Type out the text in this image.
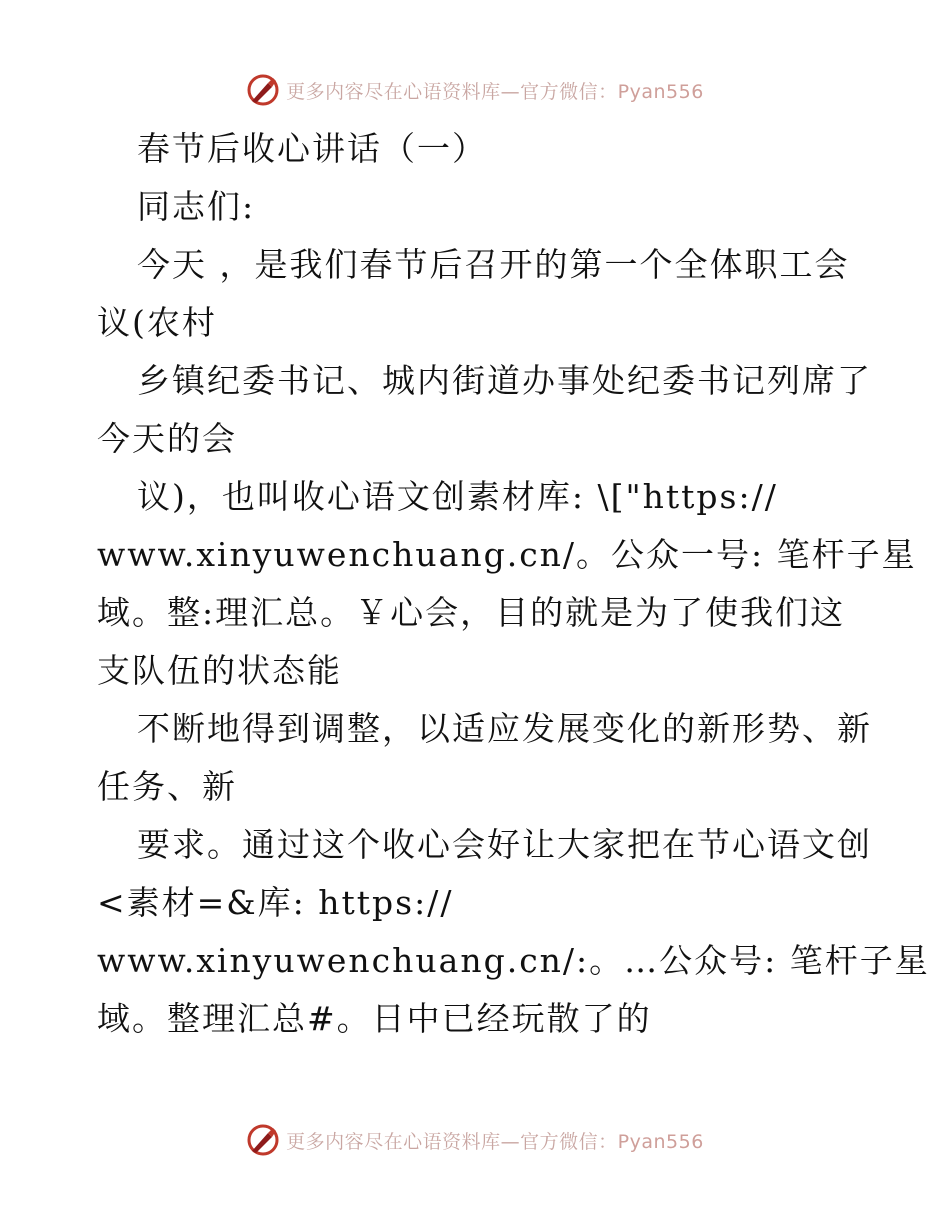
更多内容尽在心语资料库—官方微信：Pyan556
春节后收心讲话（一）
同志们:
今天 ，是我们春节后召开的第一个全体职工会
议(农村
乡镇纪委书记、城内街道办事处纪委书记列席了
今天的会
议)，也叫收心语文创素材库: \["https://
www.xinyuwenchuang.cn/。公众一号: 笔杆子星
域。整:理汇总。￥心会，目的就是为了使我们这
支队伍的状态能
不断地得到调整，以适应发展变化的新形势、新
任务、新
要求。通过这个收心会好让大家把在节心语文创
<素材=&库: https://
www.xinyuwenchuang.cn/:。…公众号: 笔杆子星
域。整理汇总#。日中已经玩散了的
更多内容尽在心语资料库—官方微信：Pyan556
